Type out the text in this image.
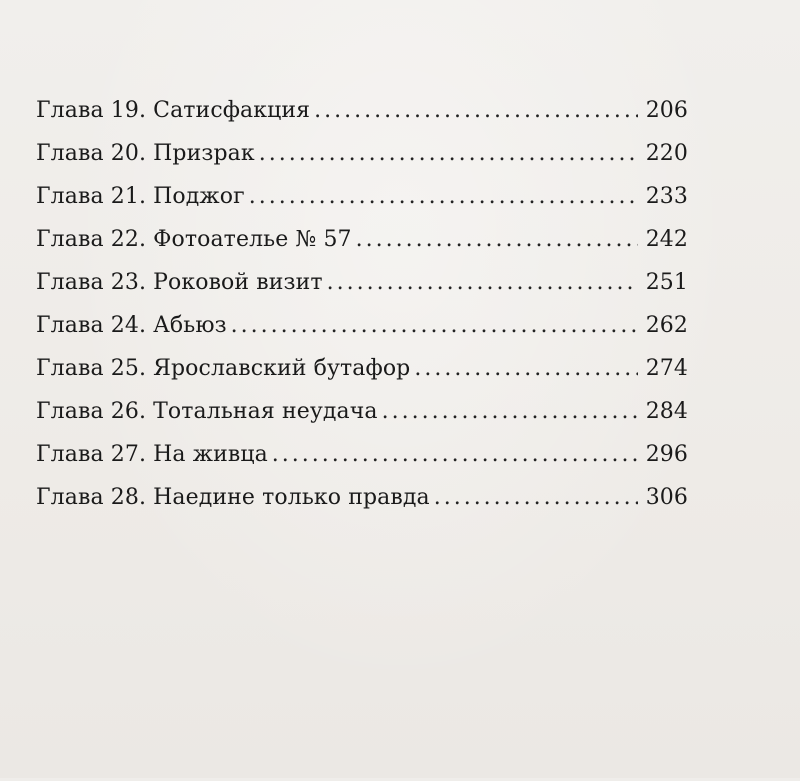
Глава 19. Сатисфакция .....	206
Глава 20. Призрак .....	220
Глава 21. Поджог .....	233
Глава 22. Фотоателье № 57 .....	242
Глава 23. Роковой визит .....	251
Глава 24. Абьюз .....	262
Глава 25. Ярославский бутафор .....	274
Глава 26. Тотальная неудача .....	284
Глава 27. На живца .....	296
Глава 28. Наедине только правда .....	306
